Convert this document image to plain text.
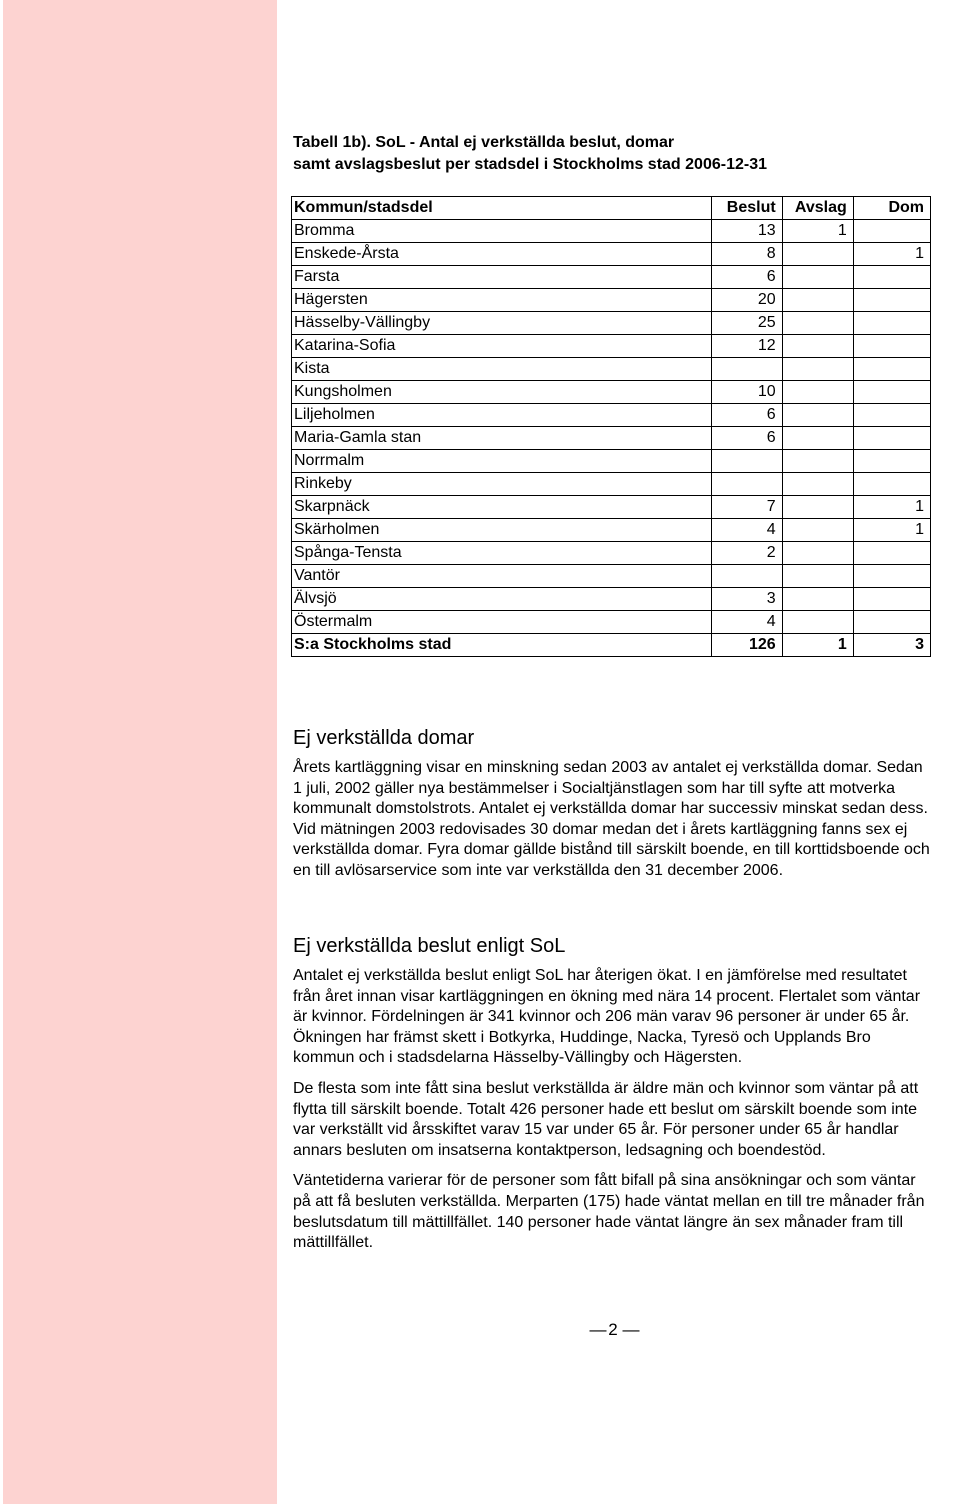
Tabell 1b). SoL - Antal ej verkställda beslut, domar
samt avslagsbeslut per stadsdel i Stockholms stad 2006-12-31

Kommun/stadsdel	Beslut	Avslag	Dom
Bromma	13	1	
Enskede-Årsta	8		1
Farsta	6		
Hägersten	20		
Hässelby-Vällingby	25		
Katarina-Sofia	12		
Kista			
Kungsholmen	10		
Liljeholmen	6		
Maria-Gamla stan	6		
Norrmalm			
Rinkeby			
Skarpnäck	7		1
Skärholmen	4		1
Spånga-Tensta	2		
Vantör			
Älvsjö	3		
Östermalm	4		
S:a Stockholms stad	126	1	3
Ej verkställda domar

Årets kartläggning visar en minskning sedan 2003 av antalet ej verkställda domar. Sedan 1 juli, 2002 gäller nya bestämmelser i Socialtjänstlagen som har till syfte att motverka kommunalt domstolstrots. Antalet ej verkställda domar har successiv minskat sedan dess. Vid mätningen 2003 redovisades 30 domar medan det i årets kartläggning fanns sex ej verkställda domar. Fyra domar gällde bistånd till särskilt boende, en till korttidsboende och en till avlösarservice som inte var verkställda den 31 december 2006.

Ej verkställda beslut enligt SoL

Antalet ej verkställda beslut enligt SoL har återigen ökat. I en jämförelse med resultatet från året innan visar kartläggningen en ökning med nära 14 procent. Flertalet som väntar är kvinnor. Fördelningen är 341 kvinnor och 206 män varav 96 personer är under 65 år. Ökningen har främst skett i Botkyrka, Huddinge, Nacka, Tyresö och Upplands Bro kommun och i stadsdelarna Hässelby-Vällingby och Hägersten.

De flesta som inte fått sina beslut verkställda är äldre män och kvinnor som väntar på att flytta till särskilt boende. Totalt 426 personer hade ett beslut om särskilt boende som inte var verkställt vid årsskiftet varav 15 var under 65 år. För personer under 65 år handlar annars besluten om insatserna kontaktperson, ledsagning och boendestöd.

Väntetiderna varierar för de personer som fått bifall på sina ansökningar och som väntar på att få besluten verkställda. Merparten (175) hade väntat mellan en till tre månader från beslutsdatum till mättillfället. 140 personer hade väntat längre än sex månader fram till mättillfället.

— 2 —
